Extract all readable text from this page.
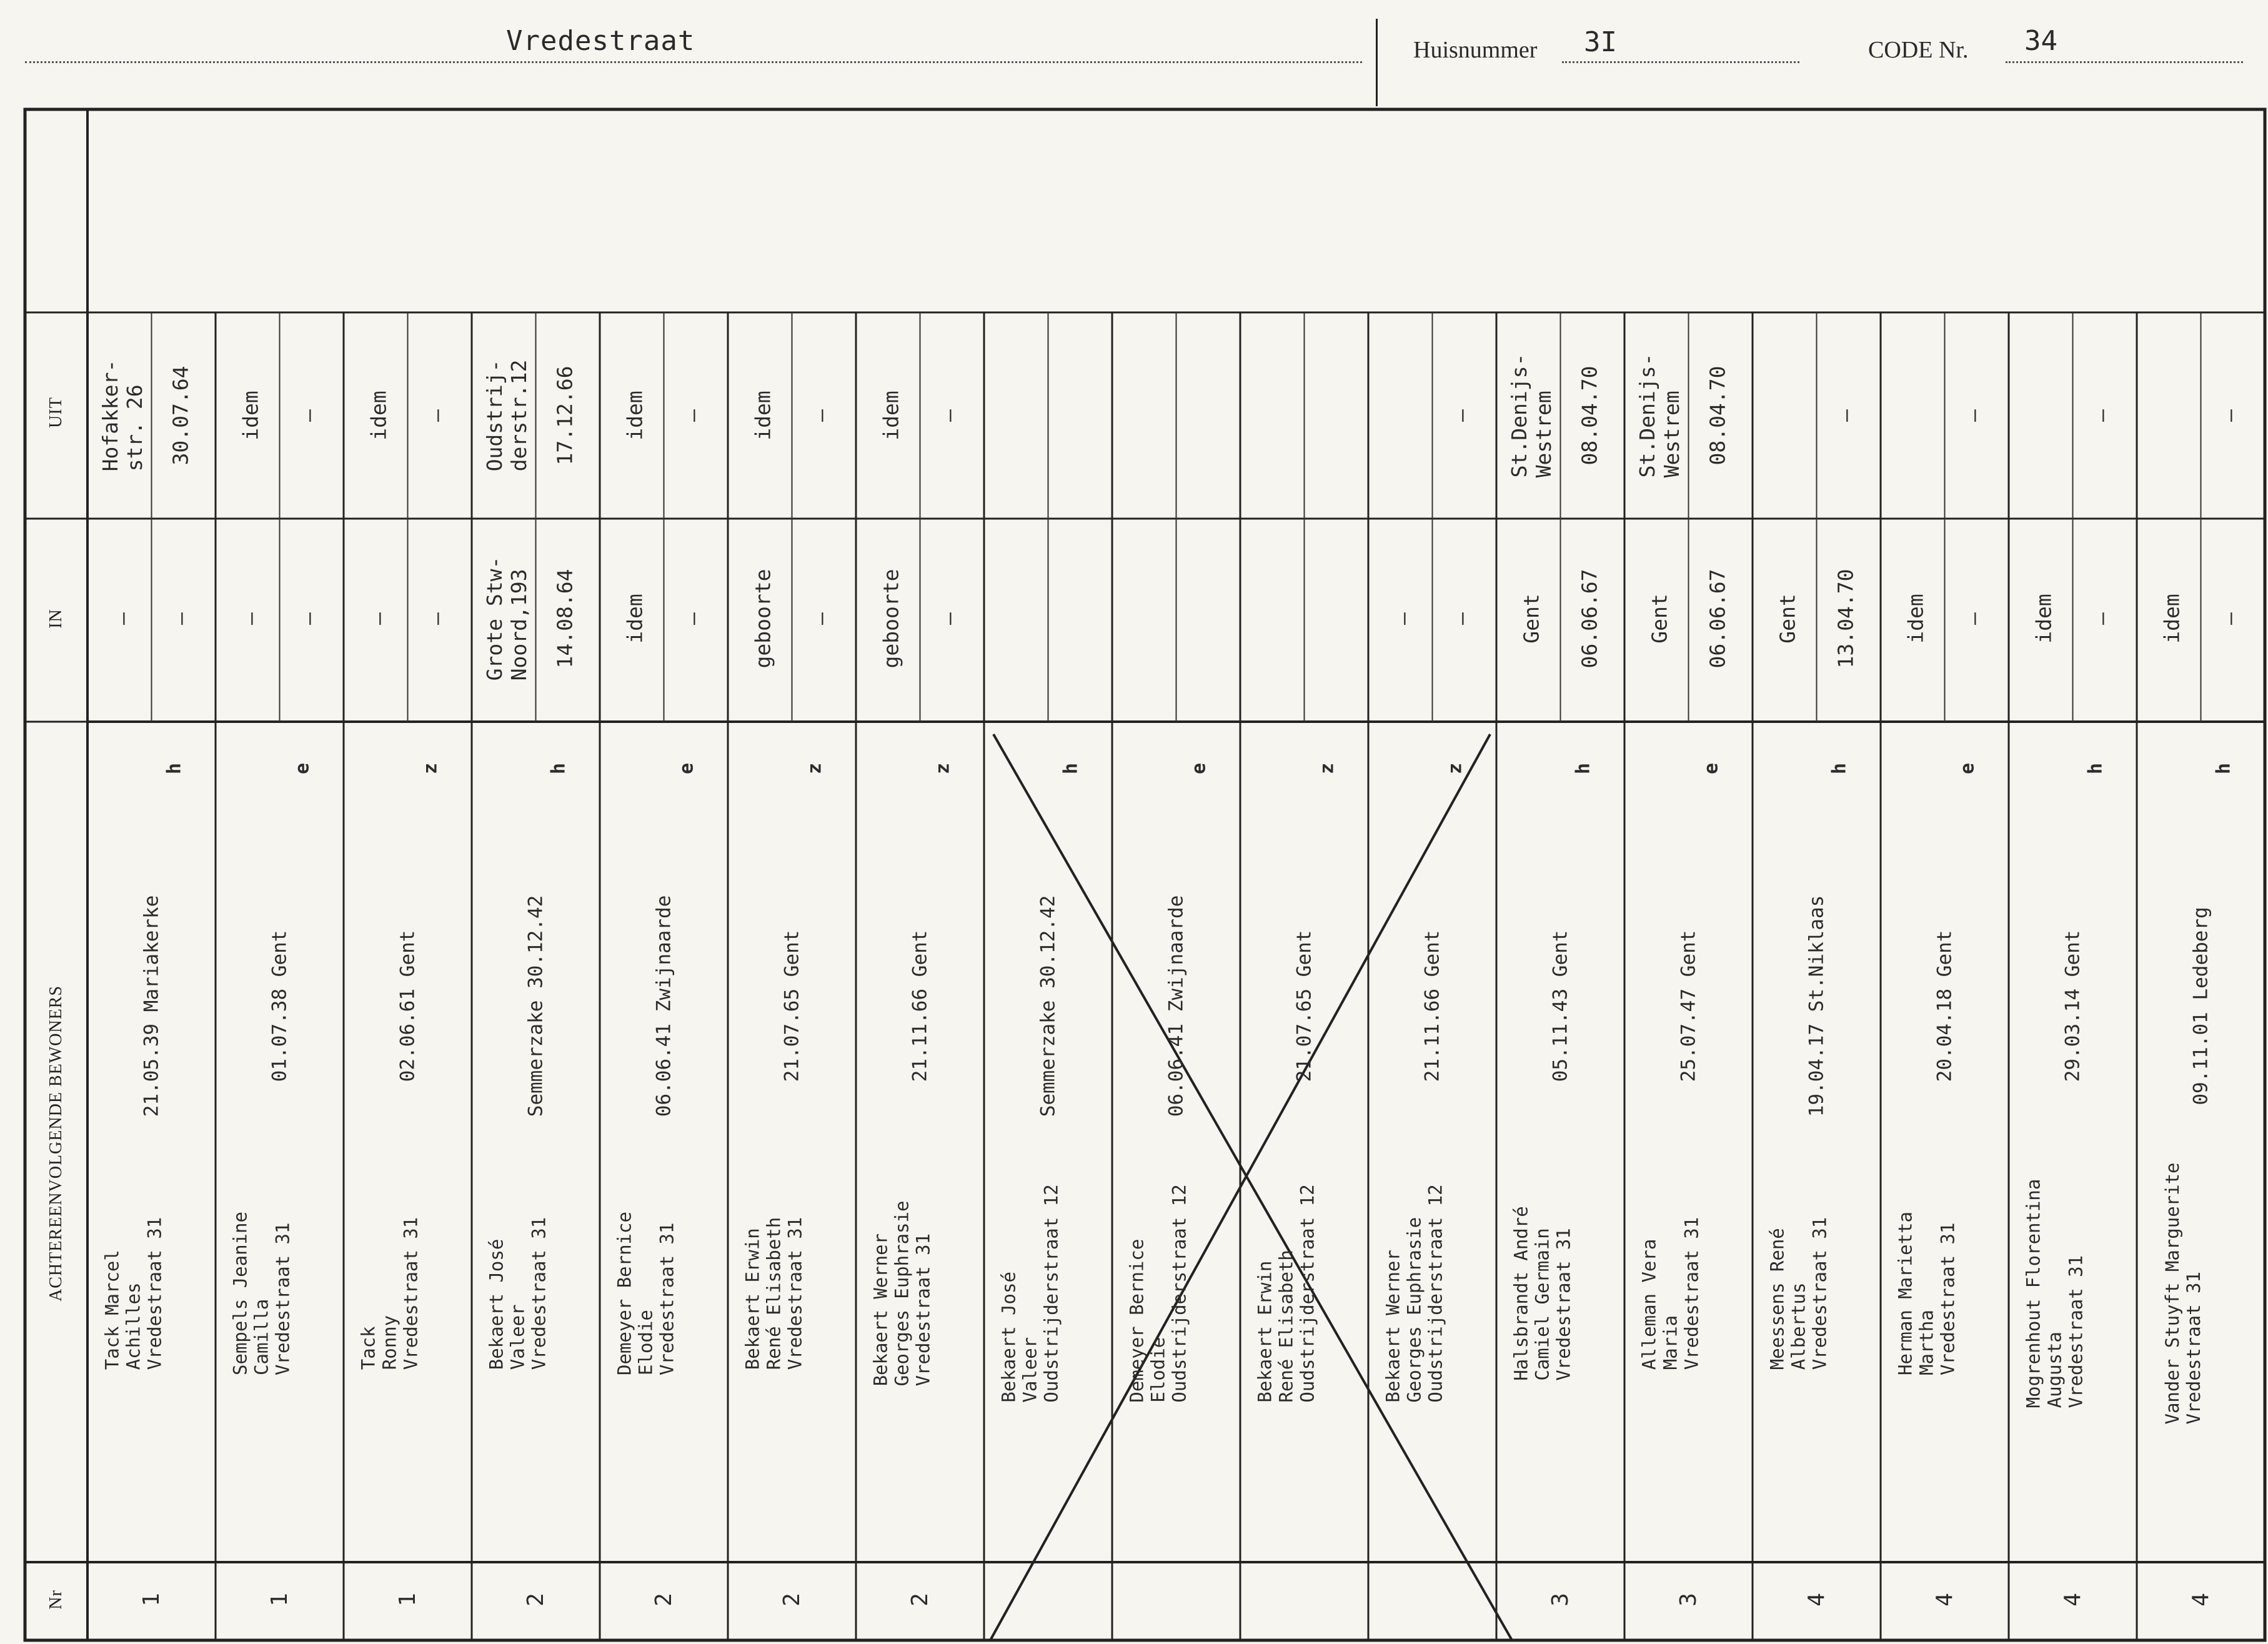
Vredestraat	Huisnummer 3I	CODE Nr. 34
Nr
ACHTEREENVOLGENDE BEWONERS
IN
UIT
1
Tack Marcel
Achilles
Vredestraat 31
21.05.39 Mariakerke
h
— —
Hofakker-
str. 26 30.07.64
1
Sempels Jeanine
Camilla
Vredestraat 31
01.07.38 Gent
e
— —
idem —
1
Tack
Ronny
Vredestraat 31
02.06.61 Gent
z
— —
idem —
2
Bekaert José
Valeer
Vredestraat 31
Semmerzake 30.12.42
h
Grote Stw-
Noord,193 14.08.64
Oudstrij-
derstr.12 17.12.66
2
Demeyer Bernice
Elodie
Vredestraat 31
06.06.41 Zwijnaarde
e
idem —
idem —
2
Bekaert Erwin
René Elisabeth
Vredestraat 31
21.07.65 Gent
z
geboorte —
idem —
2
Bekaert Werner
Georges Euphrasie
Vredestraat 31
21.11.66 Gent
z
geboorte —
idem —
Bekaert José
Valeer
Oudstrijderstraat 12
Semmerzake 30.12.42
h
Demeyer Bernice
Elodie
Oudstrijderstraat 12
06.06.41 Zwijnaarde
e
Bekaert Erwin
René Elisabeth
Oudstrijderstraat 12
21.07.65 Gent
z
Bekaert Werner
Georges Euphrasie
Oudstrijderstraat 12
21.11.66 Gent
z
— —
—
3
Halsbrandt André
Camiel Germain
Vredestraat 31
05.11.43 Gent
h
Gent 06.06.67
St.Denijs-
Westrem 08.04.70
3
Alleman Vera
Maria
Vredestraat 31
25.07.47 Gent
e
Gent 06.06.67
St.Denijs-
Westrem 08.04.70
4
Meessens René
Albertus
Vredestraat 31
19.04.17 St.Niklaas
h
Gent 13.04.70
—
4
Herman Marietta
Martha
Vredestraat 31
20.04.18 Gent
e
idem —
—
4
Mogrenhout Florentina
Augusta
Vredestraat 31
29.03.14 Gent
h
idem —
—
4
Vander Stuyft Marguerite
Vredestraat 31
09.11.01 Ledeberg
h
idem —
—
